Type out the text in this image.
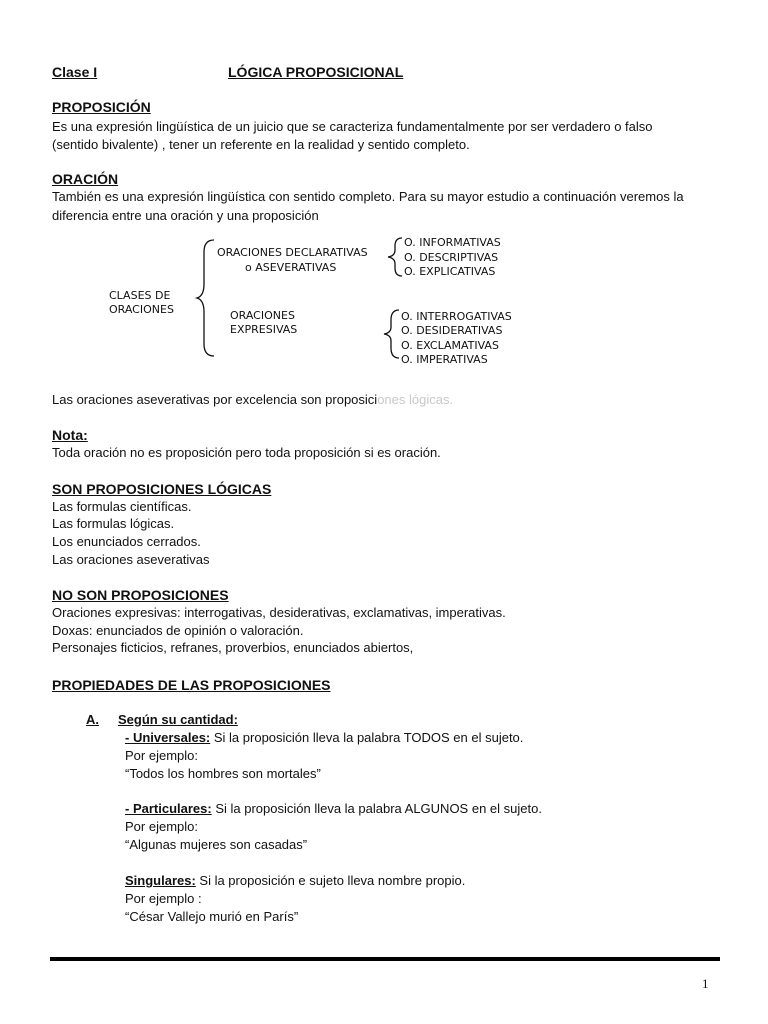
Clase I	LÓGICA PROPOSICIONAL
PROPOSICIÓN
Es una expresión lingüística de un juicio que se caracteriza fundamentalmente por ser verdadero o falso
(sentido bivalente) , tener un referente en la realidad y sentido completo.
ORACIÓN
También es una expresión lingüística con sentido completo. Para su mayor estudio a continuación veremos la
diferencia entre una oración y una proposición
CLASES DE
ORACIONES
ORACIONES DECLARATIVAS
o ASEVERATIVAS
O. INFORMATIVAS
O. DESCRIPTIVAS
O. EXPLICATIVAS
ORACIONES
EXPRESIVAS
O. INTERROGATIVAS
O. DESIDERATIVAS
O. EXCLAMATIVAS
O. IMPERATIVAS
Las oraciones aseverativas por excelencia son proposiciones lógicas.
Nota:
Toda oración no es proposición pero toda proposición si es oración.
SON PROPOSICIONES LÓGICAS
Las formulas científicas.
Las formulas lógicas.
Los enunciados cerrados.
Las oraciones aseverativas
NO SON PROPOSICIONES
Oraciones expresivas: interrogativas, desiderativas, exclamativas, imperativas.
Doxas: enunciados de opinión o valoración.
Personajes ficticios, refranes, proverbios, enunciados abiertos,
PROPIEDADES DE LAS PROPOSICIONES
A. Según su cantidad:
- Universales: Si la proposición lleva la palabra TODOS en el sujeto.
Por ejemplo:
“Todos los hombres son mortales”
- Particulares: Si la proposición lleva la palabra ALGUNOS en el sujeto.
Por ejemplo:
“Algunas mujeres son casadas”
Singulares: Si la proposición e sujeto lleva nombre propio.
Por ejemplo :
“César Vallejo murió en París”
1
